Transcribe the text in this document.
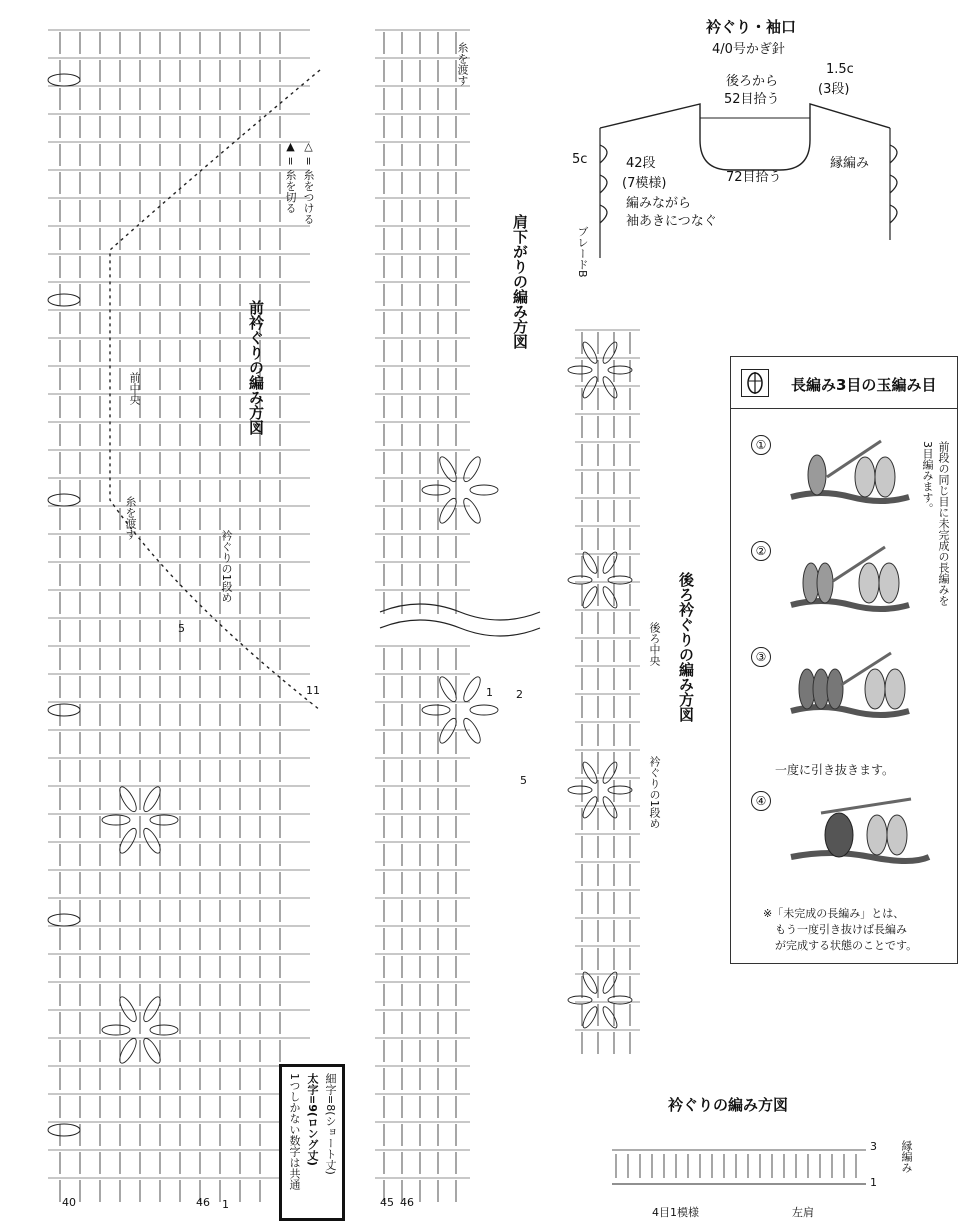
前衿ぐりの編み方図
△ = 糸をつける
▲ = 糸を切る
前中央
糸を渡す
衿ぐりの1段め
5
11
40	46 1
肩下がりの編み方図
糸を渡す
1 2
5
45 46
後ろ衿ぐりの編み方図
後ろ中央
衿ぐりの1段め
衿ぐり・袖口
4/0号かぎ針
後ろから
52目拾う
1.5c
(3段)
5c	42段
(7模様)
編みながら
袖あきにつなぐ
72目拾う
縁編み
ブレードB
長編み3目の玉編み目
前段の同じ目に未完成の長編みを
3目編みます。
①
②
③
④
一度に引き抜きます。
※「未完成の長編み」とは、
もう一度引き抜けば長編み
が完成する状態のことです。
細字=8(ショート丈)
太字=9(ロング丈)
1つしかない数字は共通	衿ぐりの編み方図
3
1
縁編み
4目1模様	左肩
